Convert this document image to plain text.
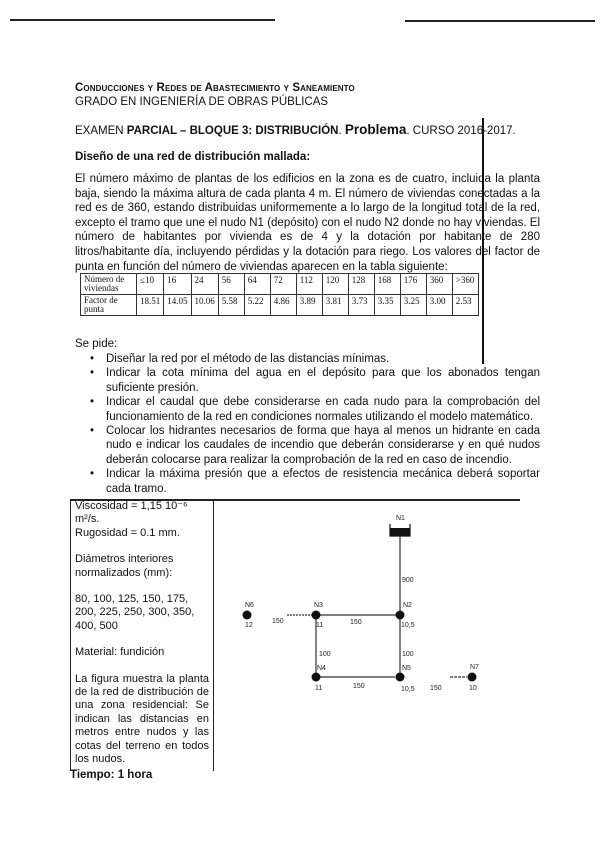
Conducciones y Redes de Abastecimiento y Saneamiento
GRADO EN INGENIERÍA DE OBRAS PÚBLICAS
EXAMEN PARCIAL – BLOQUE 3: DISTRIBUCIÓN. Problema. CURSO 2016-2017.
Diseño de una red de distribución mallada:
El número máximo de plantas de los edificios en la zona es de cuatro, incluida la planta baja, siendo la máxima altura de cada planta 4 m. El número de viviendas conectadas a la red es de 360, estando distribuidas uniformemente a lo largo de la longitud total de la red, excepto el tramo que une el nudo N1 (depósito) con el nudo N2 donde no hay viviendas. El número de habitantes por vivienda es de 4 y la dotación por habitante de 280 litros/habitante día, incluyendo pérdidas y la dotación para riego. Los valores del factor de punta en función del número de viviendas aparecen en la tabla siguiente:
Número de viviendas	≤10	16	24	56	64	72	112	120	128	168	176	360	>360
Factor de punta	18.51	14.05	10.06	5.58	5.22	4.86	3.89	3.81	3.73	3.35	3.25	3.00	2.53
Se pide:
• Diseñar la red por el método de las distancias mínimas.
• Indicar la cota mínima del agua en el depósito para que los abonados tengan suficiente presión.
• Indicar el caudal que debe considerarse en cada nudo para la comprobación del funcionamiento de la red en condiciones normales utilizando el modelo matemático.
• Colocar los hidrantes necesarios de forma que haya al menos un hidrante en cada nudo e indicar los caudales de incendio que deberán considerarse y en qué nudos deberán colocarse para realizar la comprobación de la red en caso de incendio.
• Indicar la máxima presión que a efectos de resistencia mecánica deberá soportar cada tramo.
Viscosidad = 1,15 10⁻⁶ m²/s.

Rugosidad = 0.1 mm.

Diámetros interiores normalizados (mm):

80, 100, 125, 150, 175, 200, 225, 250, 300, 350, 400, 500

Material: fundición

La figura muestra la planta de la red de distribución de una zona residencial: Se indican las distancias en metros entre nudos y las cotas del terreno en todos los nudos.

N1
900
N2
10,5
N3
11	150
N6
12
150
100	100
N4
11	150
N5
10,5 150
N7
10
Tiempo: 1 hora
